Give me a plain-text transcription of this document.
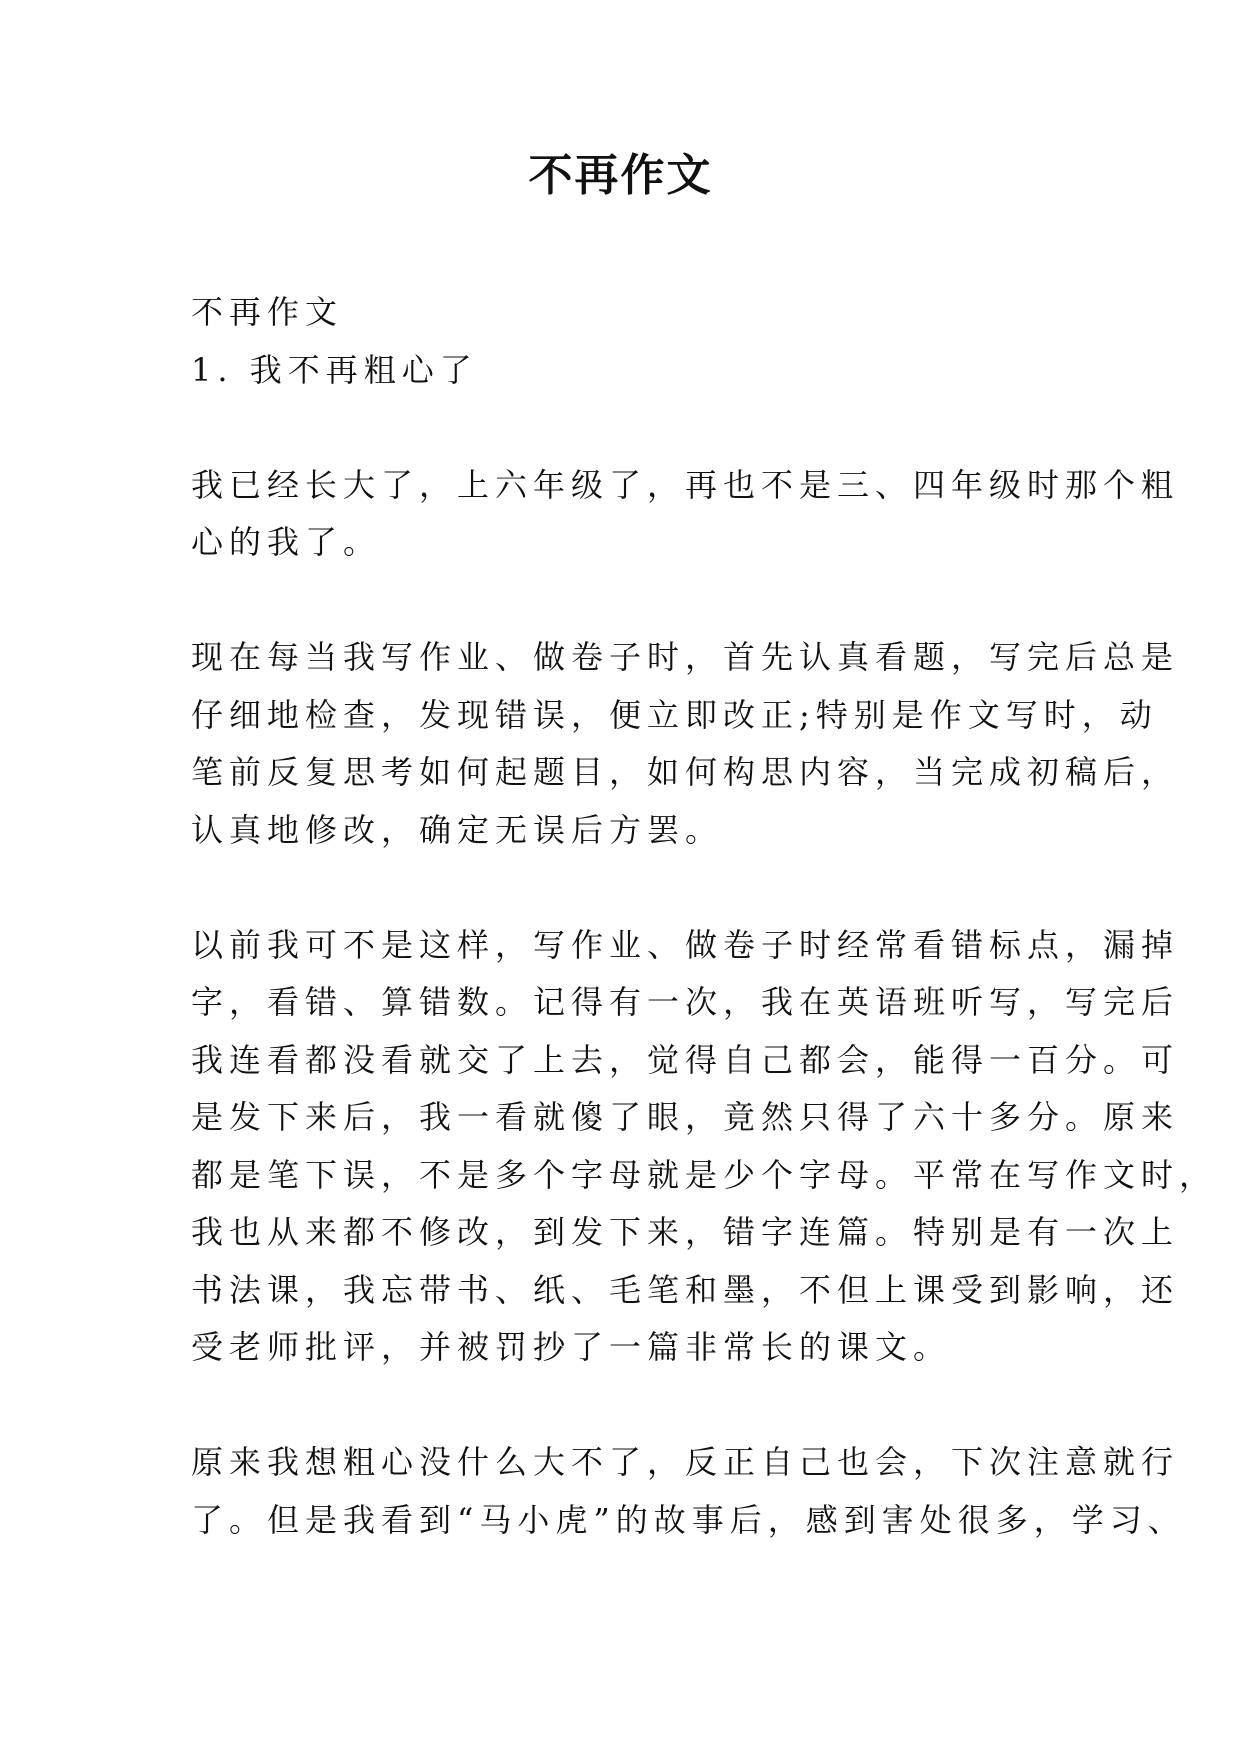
不再作文
不再作文
1. 我不再粗心了
我已经长大了，上六年级了，再也不是三、四年级时那个粗
心的我了。
现在每当我写作业、做卷子时，首先认真看题，写完后总是
仔细地检查，发现错误，便立即改正;特别是作文写时，动
笔前反复思考如何起题目，如何构思内容，当完成初稿后，
认真地修改，确定无误后方罢。
以前我可不是这样，写作业、做卷子时经常看错标点，漏掉
字，看错、算错数。记得有一次，我在英语班听写，写完后
我连看都没看就交了上去，觉得自己都会，能得一百分。可
是发下来后，我一看就傻了眼，竟然只得了六十多分。原来
都是笔下误，不是多个字母就是少个字母。平常在写作文时，
我也从来都不修改，到发下来，错字连篇。特别是有一次上
书法课，我忘带书、纸、毛笔和墨，不但上课受到影响，还
受老师批评，并被罚抄了一篇非常长的课文。
原来我想粗心没什么大不了，反正自己也会，下次注意就行
了。但是我看到“马小虎”的故事后，感到害处很多，学习、
